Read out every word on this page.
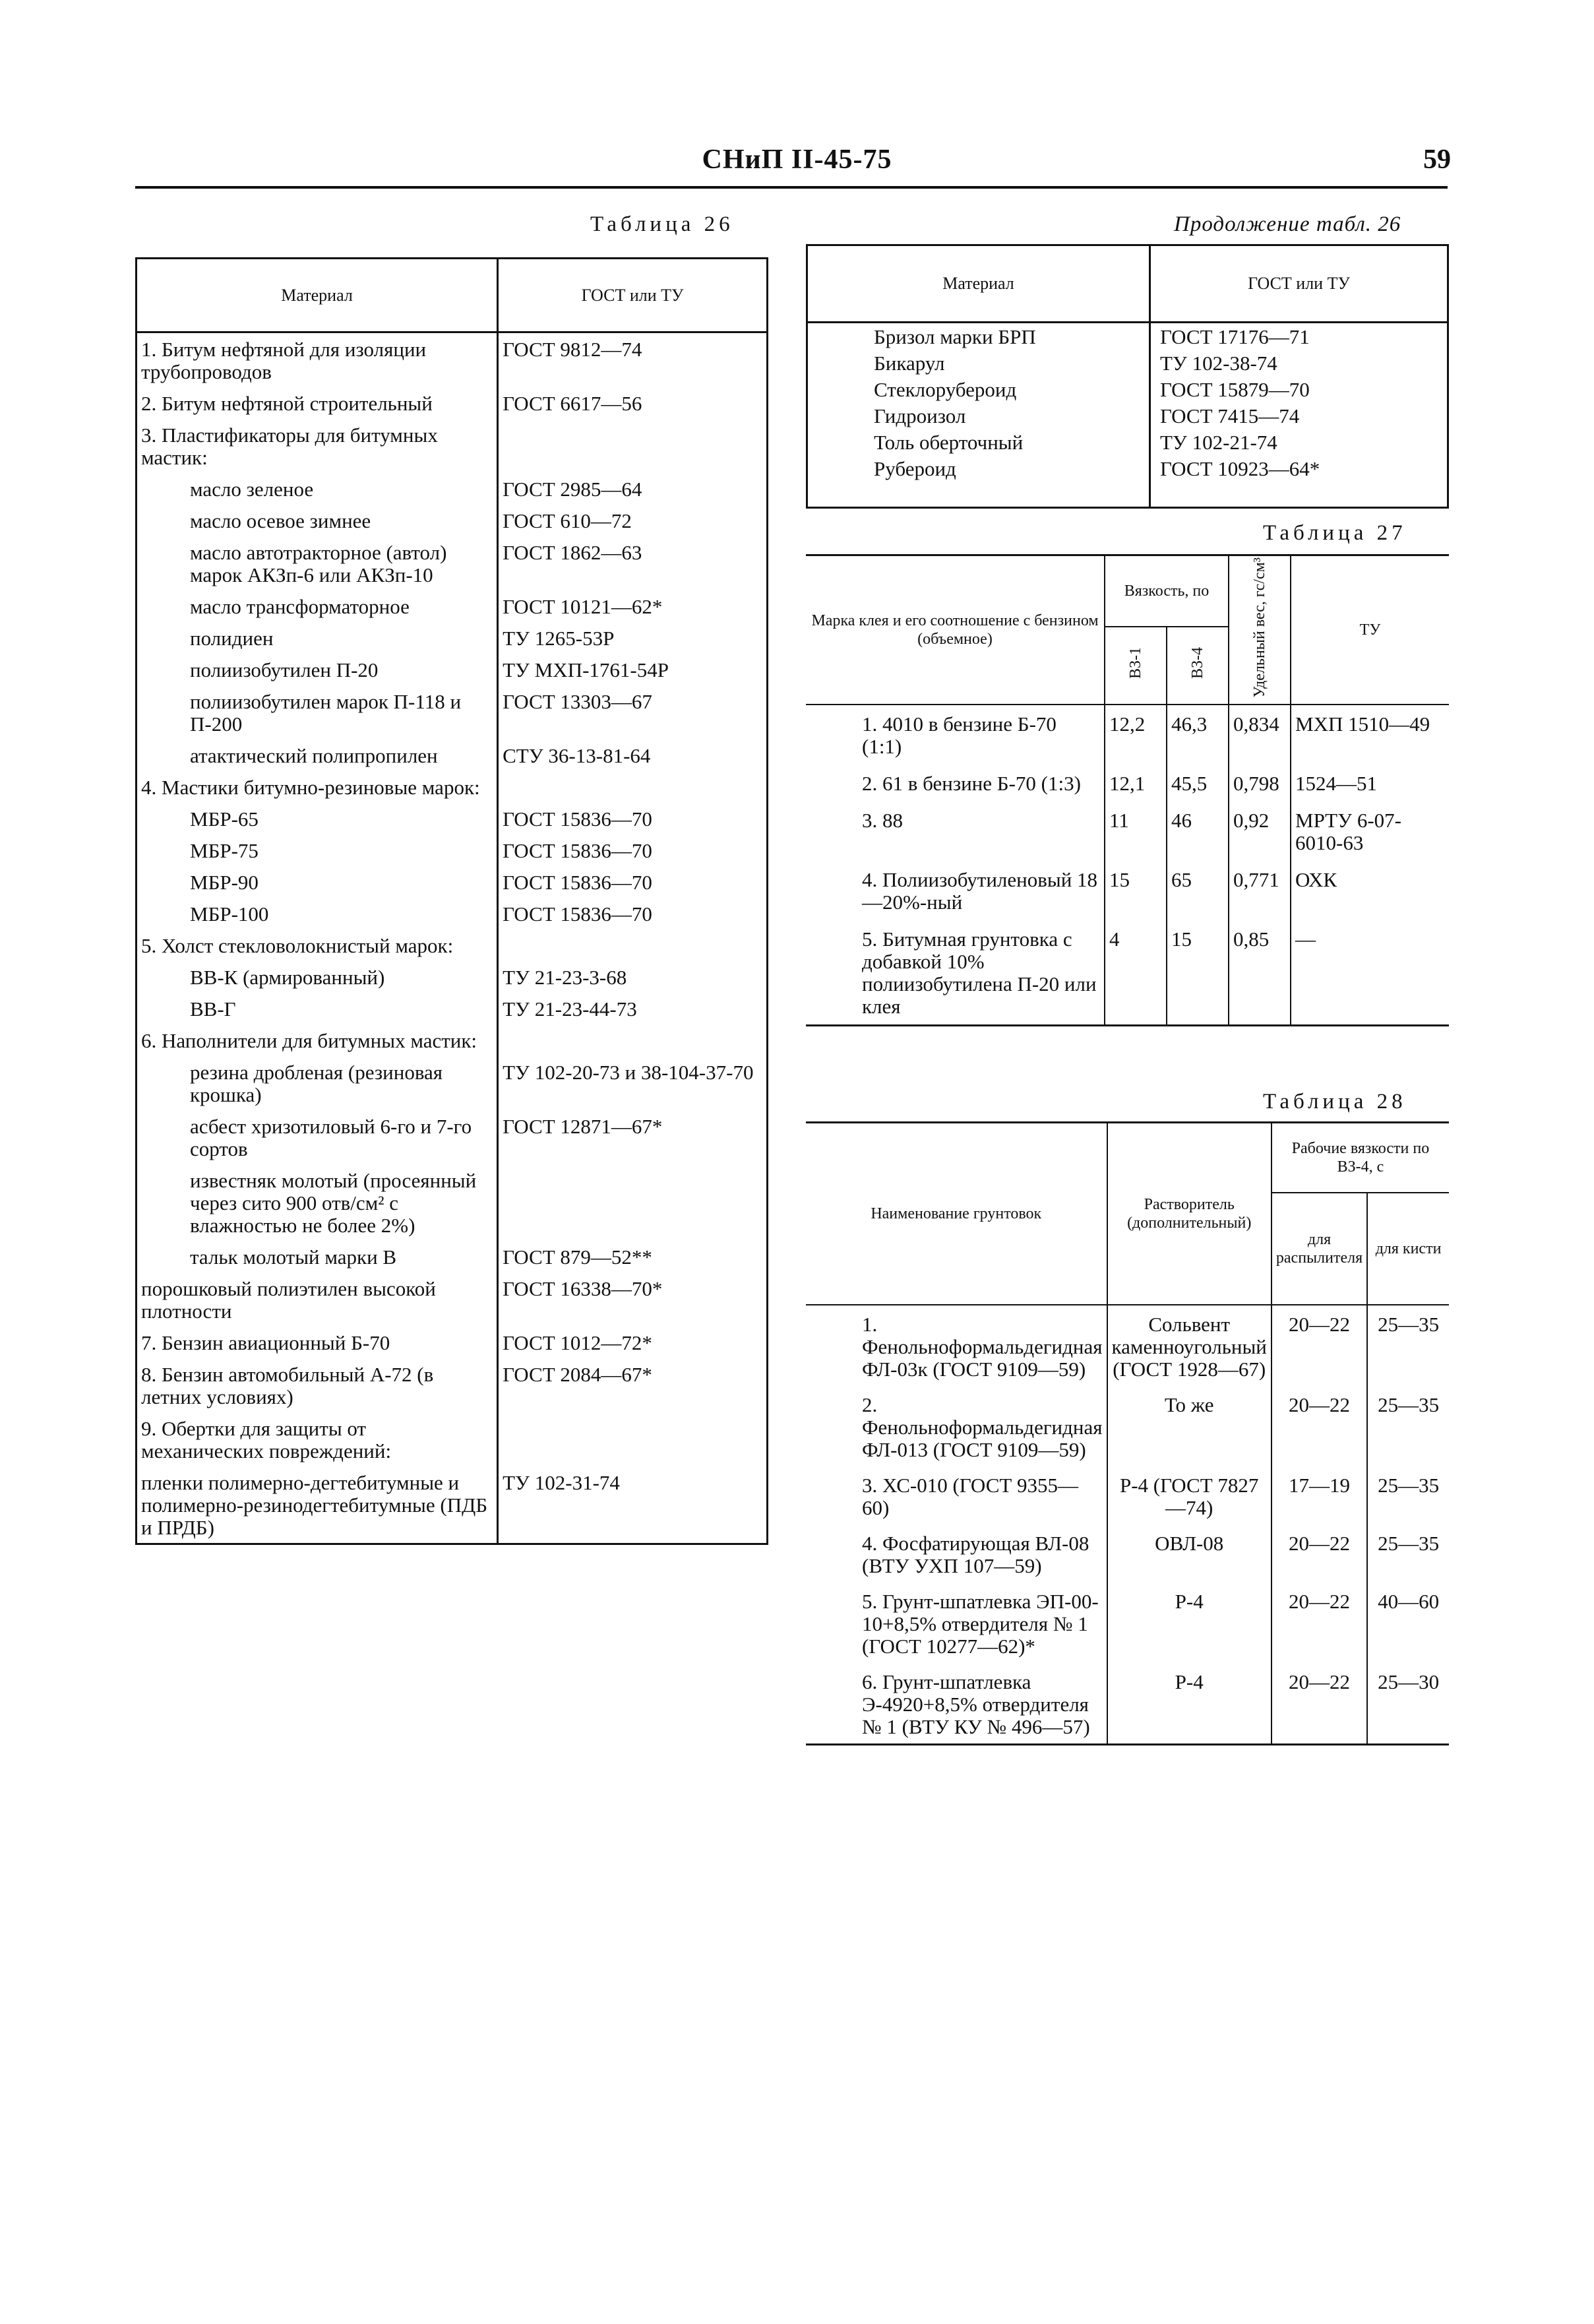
СНиП II-45-75	59
Таблица 26
Материал	ГОСТ или ТУ
1. Битум нефтяной для изоляции трубопроводов	ГОСТ 9812—74
2. Битум нефтяной строительный	ГОСТ 6617—56
3. Пластификаторы для битумных мастик:	
масло зеленое	ГОСТ 2985—64
масло осевое зимнее	ГОСТ 610—72
масло автотракторное (автол) марок АКЗп-6 или АКЗп-10	ГОСТ 1862—63
масло трансформаторное	ГОСТ 10121—62*
полидиен	ТУ 1265-53Р
полиизобутилен П-20	ТУ МХП-1761-54Р
полиизобутилен марок П-118 и П-200	ГОСТ 13303—67
атактический полипропилен	СТУ 36-13-81-64
4. Мастики битумно-резиновые марок:	
МБР-65	ГОСТ 15836—70
МБР-75	ГОСТ 15836—70
МБР-90	ГОСТ 15836—70
МБР-100	ГОСТ 15836—70
5. Холст стекловолокнистый марок:	
ВВ-К (армированный)	ТУ 21-23-3-68
ВВ-Г	ТУ 21-23-44-73
6. Наполнители для битумных мастик:	
резина дробленая (резиновая крошка)	ТУ 102-20-73 и 38-104-37-70
асбест хризотиловый 6-го и 7-го сортов	ГОСТ 12871—67*
известняк молотый (просеянный через сито 900 отв/см² с влажностью не более 2%)	
тальк молотый марки В	ГОСТ 879—52**
порошковый полиэтилен высокой плотности	ГОСТ 16338—70*
7. Бензин авиационный Б-70	ГОСТ 1012—72*
8. Бензин автомобильный А-72 (в летних условиях)	ГОСТ 2084—67*
9. Обертки для защиты от механических повреждений:	
пленки полимерно-дегтебитумные и полимерно-резинодегтебитумные (ПДБ и ПРДБ)	ТУ 102-31-74
Продолжение табл. 26
Материал	ГОСТ или ТУ
Бризол марки БРП	ГОСТ 17176—71
Бикарул	ТУ 102-38-74
Стеклорубероид	ГОСТ 15879—70
Гидроизол	ГОСТ 7415—74
Толь оберточный	ТУ 102-21-74
Рубероид	ГОСТ 10923—64*
Таблица 27
Марка клея и его соотношение с бензином (объемное)	Вязкость, по		Удельный вес, гс/см³	ТУ
	ВЗ-1	ВЗ-4		
1. 4010 в бензине Б-70 (1:1)	12,2	46,3	0,834	МХП 1510—49
2. 61 в бензине Б-70 (1:3)	12,1	45,5	0,798	1524—51
3. 88	11	46	0,92	МРТУ 6-07-6010-63
4. Полиизобутиленовый 18—20%-ный	15	65	0,771	ОХК
5. Битумная грунтовка с добавкой 10% полиизобутилена П-20 или клея	4	15	0,85	—
Таблица 28
Наименование грунтовок	Растворитель (дополнительный)	Рабочие вязкости по ВЗ-4, с	
		для распылителя	для кисти
1. Фенольноформальдегидная ФЛ-03к (ГОСТ 9109—59)	Сольвент каменноугольный (ГОСТ 1928—67)	20—22	25—35
2. Фенольноформальдегидная ФЛ-013 (ГОСТ 9109—59)	То же	20—22	25—35
3. ХС-010 (ГОСТ 9355—60)	Р-4 (ГОСТ 7827—74)	17—19	25—35
4. Фосфатирующая ВЛ-08 (ВТУ УХП 107—59)	ОВЛ-08	20—22	25—35
5. Грунт-шпатлевка ЭП-00-10+8,5% отвердителя № 1 (ГОСТ 10277—62)*	Р-4	20—22	40—60
6. Грунт-шпатлевка Э-4920+8,5% отвердителя № 1 (ВТУ КУ № 496—57)	Р-4	20—22	25—30
